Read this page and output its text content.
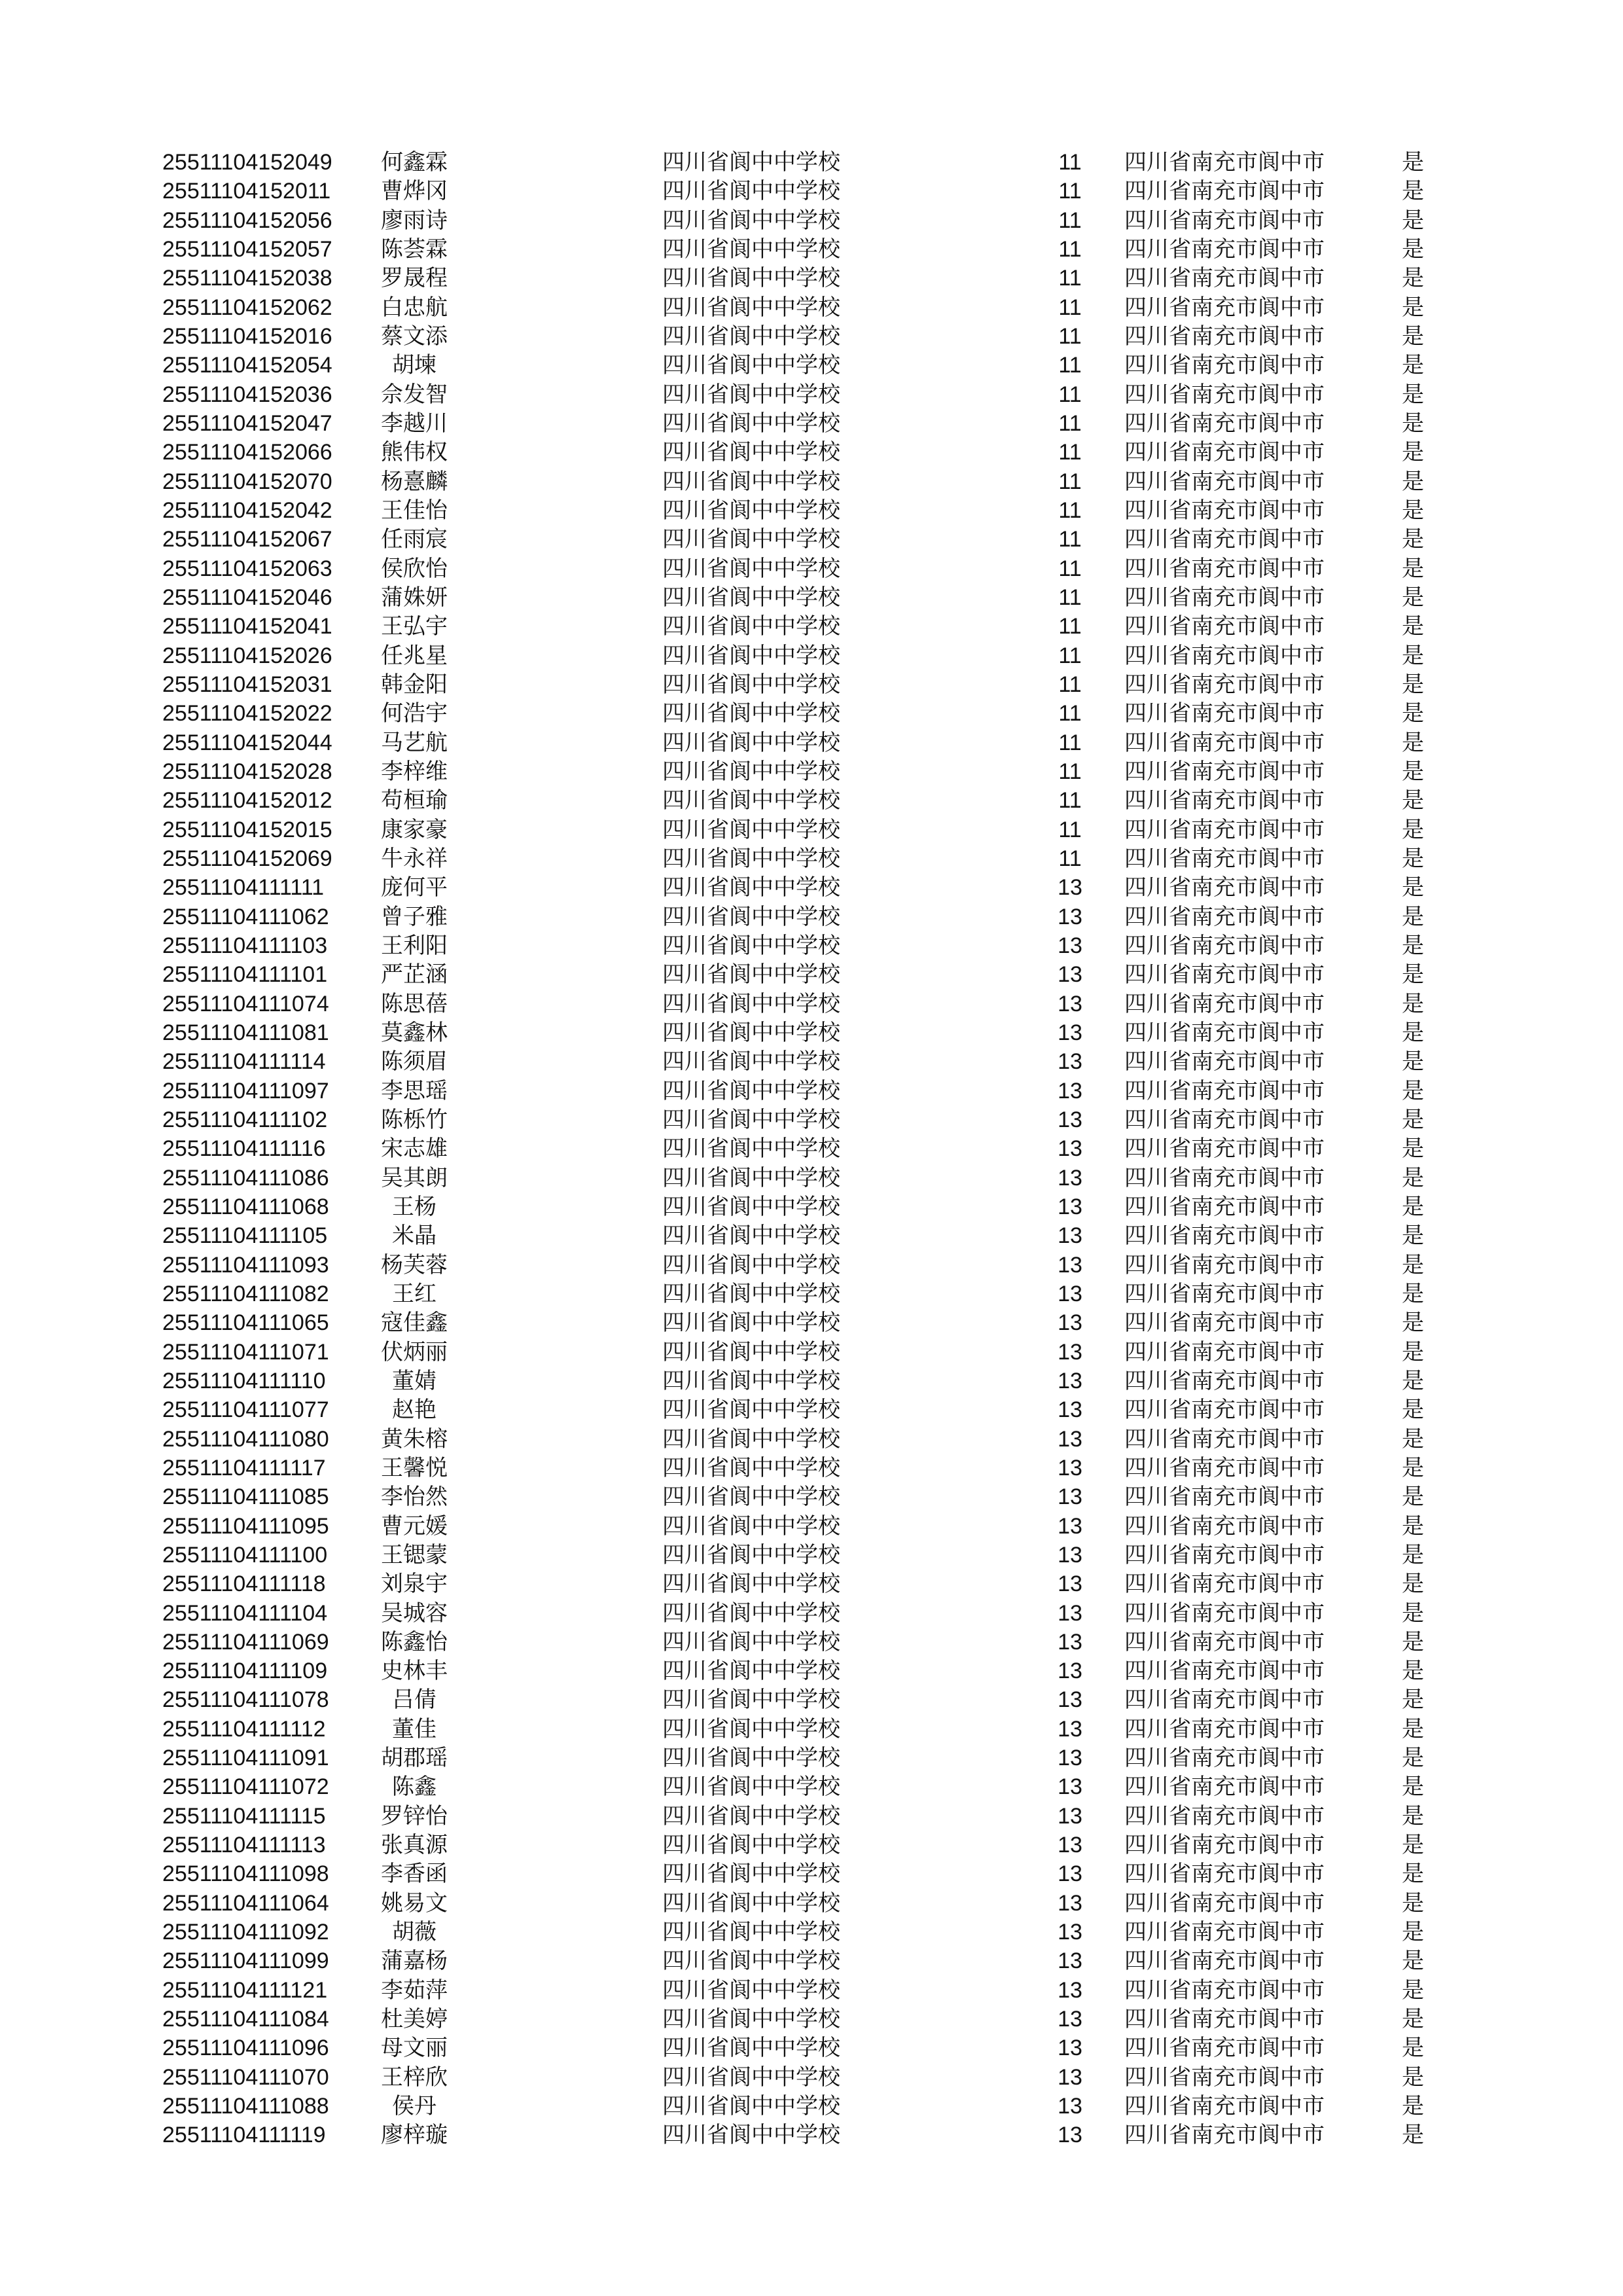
25511104152049 何鑫霖	四川省阆中中学校	11	四川省南充市阆中市	是
25511104152011 曹烨冈	四川省阆中中学校	11	四川省南充市阆中市	是
25511104152056 廖雨诗	四川省阆中中学校	11	四川省南充市阆中市	是
25511104152057 陈荟霖	四川省阆中中学校	11	四川省南充市阆中市	是
25511104152038 罗晟程	四川省阆中中学校	11	四川省南充市阆中市	是
25511104152062 白忠航	四川省阆中中学校	11	四川省南充市阆中市	是
25511104152016 蔡文添	四川省阆中中学校	11	四川省南充市阆中市	是
25511104152054	胡堜	四川省阆中中学校	11	四川省南充市阆中市	是
25511104152036 佘发智	四川省阆中中学校	11	四川省南充市阆中市	是
25511104152047 李越川	四川省阆中中学校	11	四川省南充市阆中市	是
25511104152066 熊伟权	四川省阆中中学校	11	四川省南充市阆中市	是
25511104152070 杨憙麟	四川省阆中中学校	11	四川省南充市阆中市	是
25511104152042 王佳怡	四川省阆中中学校	11	四川省南充市阆中市	是
25511104152067 任雨宸	四川省阆中中学校	11	四川省南充市阆中市	是
25511104152063 侯欣怡	四川省阆中中学校	11	四川省南充市阆中市	是
25511104152046 蒲姝妍	四川省阆中中学校	11	四川省南充市阆中市	是
25511104152041 王弘宇	四川省阆中中学校	11	四川省南充市阆中市	是
25511104152026 任兆星	四川省阆中中学校	11	四川省南充市阆中市	是
25511104152031 韩金阳	四川省阆中中学校	11	四川省南充市阆中市	是
25511104152022 何浩宇	四川省阆中中学校	11	四川省南充市阆中市	是
25511104152044 马艺航	四川省阆中中学校	11	四川省南充市阆中市	是
25511104152028 李梓维	四川省阆中中学校	11	四川省南充市阆中市	是
25511104152012 苟桓瑜	四川省阆中中学校	11	四川省南充市阆中市	是
25511104152015 康家豪	四川省阆中中学校	11	四川省南充市阆中市	是
25511104152069 牛永祥	四川省阆中中学校	11	四川省南充市阆中市	是
25511104111111	庞何平	四川省阆中中学校	13	四川省南充市阆中市	是
25511104111062 曾子雅	四川省阆中中学校	13	四川省南充市阆中市	是
25511104111103 王利阳	四川省阆中中学校	13	四川省南充市阆中市	是
25511104111101 严芷涵	四川省阆中中学校	13	四川省南充市阆中市	是
25511104111074 陈思蓓	四川省阆中中学校	13	四川省南充市阆中市	是
25511104111081 莫鑫林	四川省阆中中学校	13	四川省南充市阆中市	是
25511104111114 陈须眉	四川省阆中中学校	13	四川省南充市阆中市	是
25511104111097 李思瑶	四川省阆中中学校	13	四川省南充市阆中市	是
25511104111102 陈栎竹	四川省阆中中学校	13	四川省南充市阆中市	是
25511104111116 宋志雄	四川省阆中中学校	13	四川省南充市阆中市	是
25511104111086 吴其朗	四川省阆中中学校	13	四川省南充市阆中市	是
25511104111068	王杨	四川省阆中中学校	13	四川省南充市阆中市	是
25511104111105	米晶	四川省阆中中学校	13	四川省南充市阆中市	是
25511104111093 杨芙蓉	四川省阆中中学校	13	四川省南充市阆中市	是
25511104111082	王红	四川省阆中中学校	13	四川省南充市阆中市	是
25511104111065 寇佳鑫	四川省阆中中学校	13	四川省南充市阆中市	是
25511104111071 伏炳丽	四川省阆中中学校	13	四川省南充市阆中市	是
25511104111110	董婧	四川省阆中中学校	13	四川省南充市阆中市	是
25511104111077	赵艳	四川省阆中中学校	13	四川省南充市阆中市	是
25511104111080 黄朱榕	四川省阆中中学校	13	四川省南充市阆中市	是
25511104111117 王馨悦	四川省阆中中学校	13	四川省南充市阆中市	是
25511104111085 李怡然	四川省阆中中学校	13	四川省南充市阆中市	是
25511104111095 曹元媛	四川省阆中中学校	13	四川省南充市阆中市	是
25511104111100 王锶蒙	四川省阆中中学校	13	四川省南充市阆中市	是
25511104111118 刘泉宇	四川省阆中中学校	13	四川省南充市阆中市	是
25511104111104 吴城容	四川省阆中中学校	13	四川省南充市阆中市	是
25511104111069 陈鑫怡	四川省阆中中学校	13	四川省南充市阆中市	是
25511104111109 史林丰	四川省阆中中学校	13	四川省南充市阆中市	是
25511104111078	吕倩	四川省阆中中学校	13	四川省南充市阆中市	是
25511104111112	董佳	四川省阆中中学校	13	四川省南充市阆中市	是
25511104111091 胡郡瑶	四川省阆中中学校	13	四川省南充市阆中市	是
25511104111072	陈鑫	四川省阆中中学校	13	四川省南充市阆中市	是
25511104111115 罗锌怡	四川省阆中中学校	13	四川省南充市阆中市	是
25511104111113 张真源	四川省阆中中学校	13	四川省南充市阆中市	是
25511104111098 李香函	四川省阆中中学校	13	四川省南充市阆中市	是
25511104111064 姚易文	四川省阆中中学校	13	四川省南充市阆中市	是
25511104111092	胡薇	四川省阆中中学校	13	四川省南充市阆中市	是
25511104111099 蒲嘉杨	四川省阆中中学校	13	四川省南充市阆中市	是
25511104111121 李茹萍	四川省阆中中学校	13	四川省南充市阆中市	是
25511104111084 杜美婷	四川省阆中中学校	13	四川省南充市阆中市	是
25511104111096 母文丽	四川省阆中中学校	13	四川省南充市阆中市	是
25511104111070 王梓欣	四川省阆中中学校	13	四川省南充市阆中市	是
25511104111088	侯丹	四川省阆中中学校	13	四川省南充市阆中市	是
25511104111119 廖梓璇	四川省阆中中学校	13	四川省南充市阆中市	是
